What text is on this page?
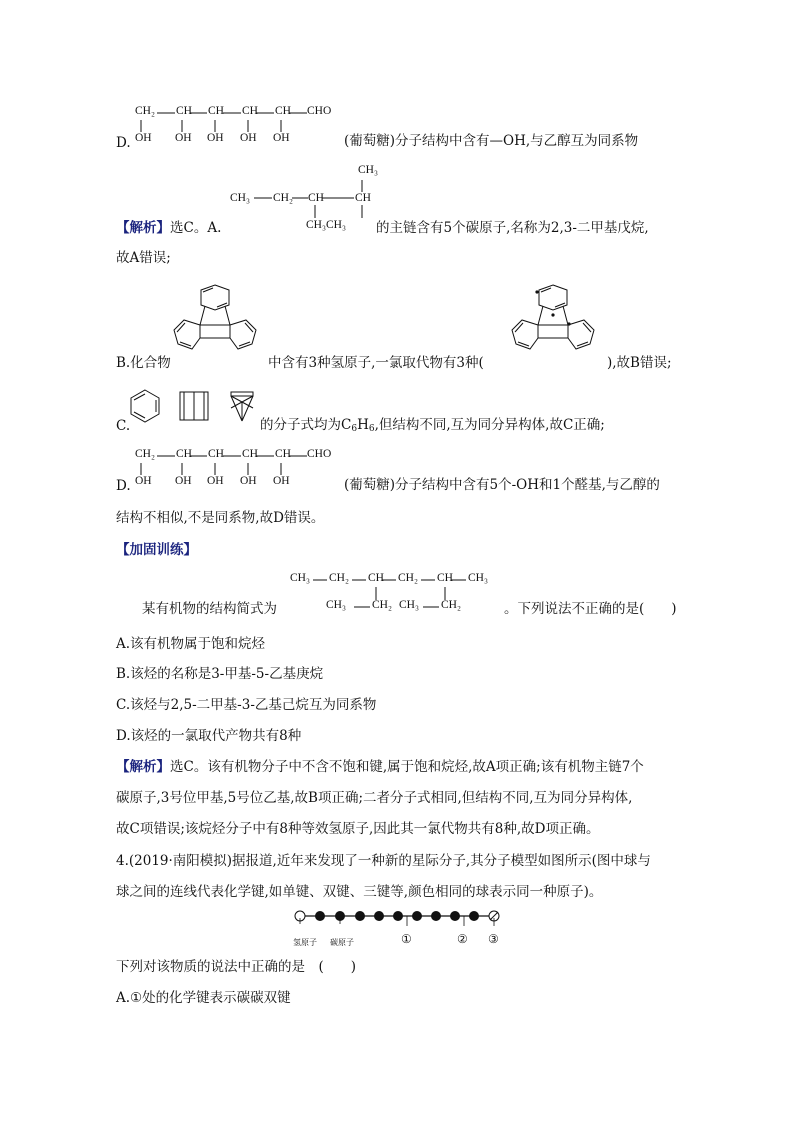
CH₂ CH CH CH CH CHO
D. OH OH OH OH OH	(葡萄糖)分子结构中含有—OH,与乙醇互为同系物
CH₃
CH₃ CH₂ CH	CH
CH₃CH₃
【解析】选C。A.	的主链含有5个碳原子,名称为2,3-二甲基戊烷,
故A错误;
B.化合物	中含有3种氢原子,一氯取代物有3种(	),故B错误;
C.	的分子式均为C6H6,但结构不同,互为同分异构体,故C正确;
CH₂ CH CH CH CH CHO
D. OH OH OH OH OH	(葡萄糖)分子结构中含有5个-OH和1个醛基,与乙醇的
结构不相似,不是同系物,故D错误。
【加固训练】
CH₃ CH₂ CH CH₂ CH CH₃
CH₃ CH₂ CH₃ CH₂
某有机物的结构简式为	。下列说法不正确的是(　　)
A.该有机物属于饱和烷烃
B.该烃的名称是3-甲基-5-乙基庚烷
C.该烃与2,5-二甲基-3-乙基己烷互为同系物
D.该烃的一氯取代产物共有8种
【解析】选C。该有机物分子中不含不饱和键,属于饱和烷烃,故A项正确;该有机物主链7个
碳原子,3号位甲基,5号位乙基,故B项正确;二者分子式相同,但结构不同,互为同分异构体,
故C项错误;该烷烃分子中有8种等效氢原子,因此其一氯代物共有8种,故D项正确。
4.(2019·南阳模拟)据报道,近年来发现了一种新的星际分子,其分子模型如图所示(图中球与
球之间的连线代表化学键,如单键、双键、三键等,颜色相同的球表示同一种原子)。
氢原子 碳原子	①	② ③
下列对该物质的说法中正确的是　(　　)
A.①处的化学键表示碳碳双键
